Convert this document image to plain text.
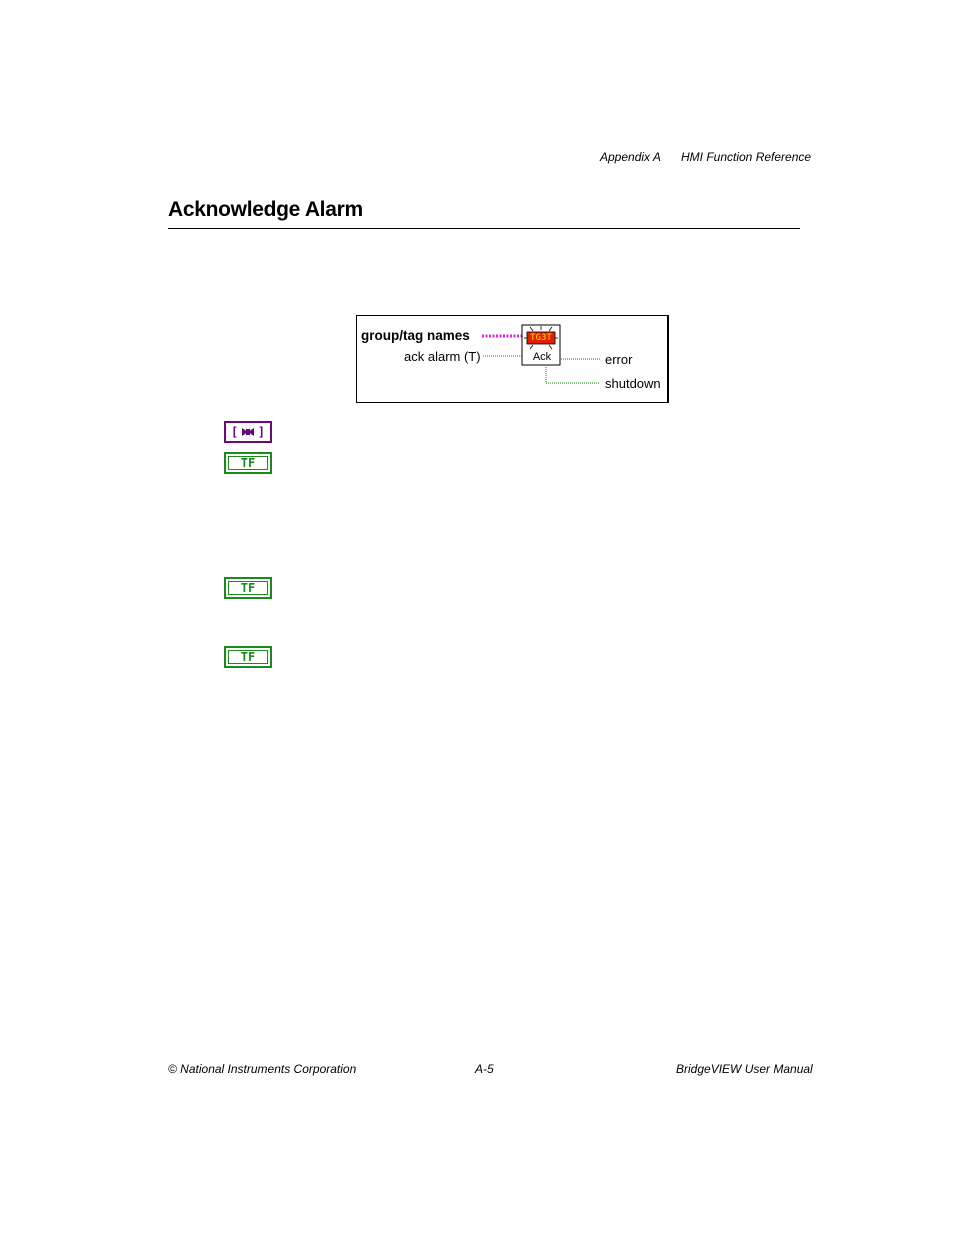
Appendix A HMI Function Reference
Acknowledge Alarm
group/tag names
ack alarm (T)	error
shutdown
TG3T
Ack
[ ]
TF
TF
TF
© National Instruments Corporation	A-5	BridgeVIEW User Manual
